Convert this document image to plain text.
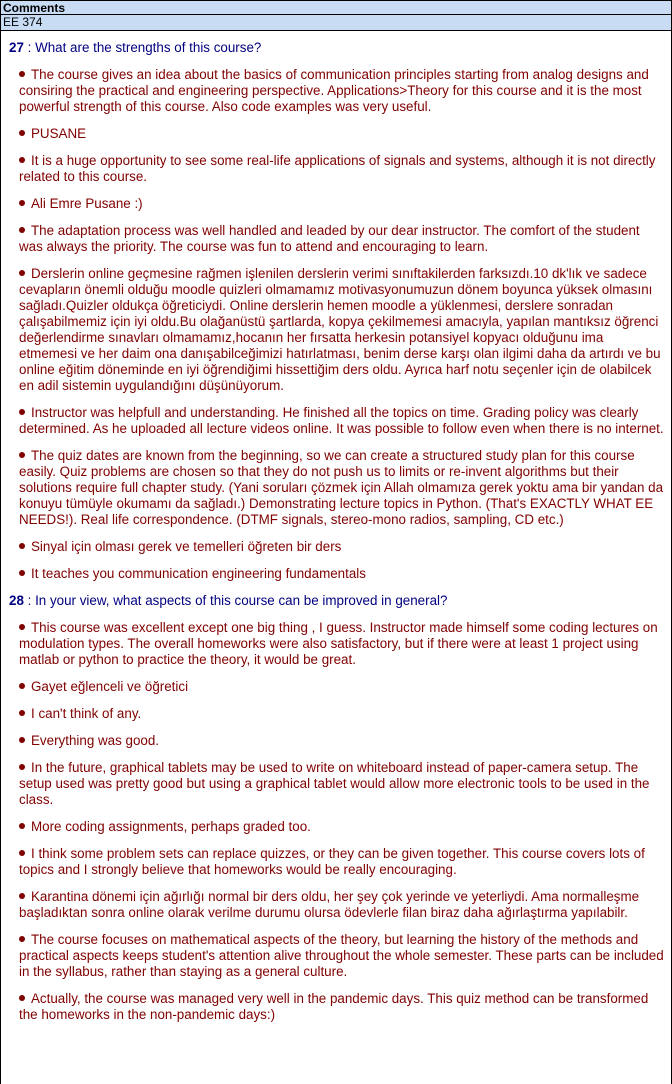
Comments
EE 374
27 : What are the strengths of this course?
The course gives an idea about the basics of communication principles starting from analog designs and consiring the practical and engineering perspective. Applications>Theory for this course and it is the most powerful strength of this course. Also code examples was very useful.
PUSANE
It is a huge opportunity to see some real-life applications of signals and systems, although it is not directly related to this course.
Ali Emre Pusane :)
The adaptation process was well handled and leaded by our dear instructor. The comfort of the student was always the priority. The course was fun to attend and encouraging to learn.
Derslerin online geçmesine rağmen işlenilen derslerin verimi sınıftakilerden farksızdı.10 dk'lık ve sadece cevapların önemli olduğu moodle quizleri olmamamız motivasyonumuzun dönem boyunca yüksek olmasını sağladı.Quizler oldukça öğreticiydi. Online derslerin hemen moodle a yüklenmesi, derslere sonradan çalışabilmemiz için iyi oldu.Bu olağanüstü şartlarda, kopya çekilmemesi amacıyla, yapılan mantıksız öğrenci değerlendirme sınavları olmamamız,hocanın her fırsatta herkesin potansiyel kopyacı olduğunu ima etmemesi ve her daim ona danışabilceğimizi hatırlatması, benim derse karşı olan ilgimi daha da artırdı ve bu online eğitim döneminde en iyi öğrendiğimi hissettiğim ders oldu. Ayrıca harf notu seçenler için de olabilcek en adil sistemin uygulandığını düşünüyorum.
Instructor was helpfull and understanding. He finished all the topics on time. Grading policy was clearly determined. As he uploaded all lecture videos online. It was possible to follow even when there is no internet.
The quiz dates are known from the beginning, so we can create a structured study plan for this course easily. Quiz problems are chosen so that they do not push us to limits or re-invent algorithms but their solutions require full chapter study. (Yani soruları çözmek için Allah olmamıza gerek yoktu ama bir yandan da konuyu tümüyle okumamı da sağladı.) Demonstrating lecture topics in Python. (That's EXACTLY WHAT EE NEEDS!). Real life correspondence. (DTMF signals, stereo-mono radios, sampling, CD etc.)
Sinyal için olması gerek ve temelleri öğreten bir ders
It teaches you communication engineering fundamentals
28 : In your view, what aspects of this course can be improved in general?
This course was excellent except one big thing , I guess. Instructor made himself some coding lectures on modulation types. The overall homeworks were also satisfactory, but if there were at least 1 project using matlab or python to practice the theory, it would be great.
Gayet eğlenceli ve öğretici
I can't think of any.
Everything was good.
In the future, graphical tablets may be used to write on whiteboard instead of paper-camera setup. The setup used was pretty good but using a graphical tablet would allow more electronic tools to be used in the class.
More coding assignments, perhaps graded too.
I think some problem sets can replace quizzes, or they can be given together. This course covers lots of topics and I strongly believe that homeworks would be really encouraging.
Karantina dönemi için ağırlığı normal bir ders oldu, her şey çok yerinde ve yeterliydi. Ama normalleşme başladıktan sonra online olarak verilme durumu olursa ödevlerle filan biraz daha ağırlaştırma yapılabilr.
The course focuses on mathematical aspects of the theory, but learning the history of the methods and practical aspects keeps student's attention alive throughout the whole semester. These parts can be included in the syllabus, rather than staying as a general culture.
Actually, the course was managed very well in the pandemic days. This quiz method can be transformed the homeworks in the non-pandemic days:)
